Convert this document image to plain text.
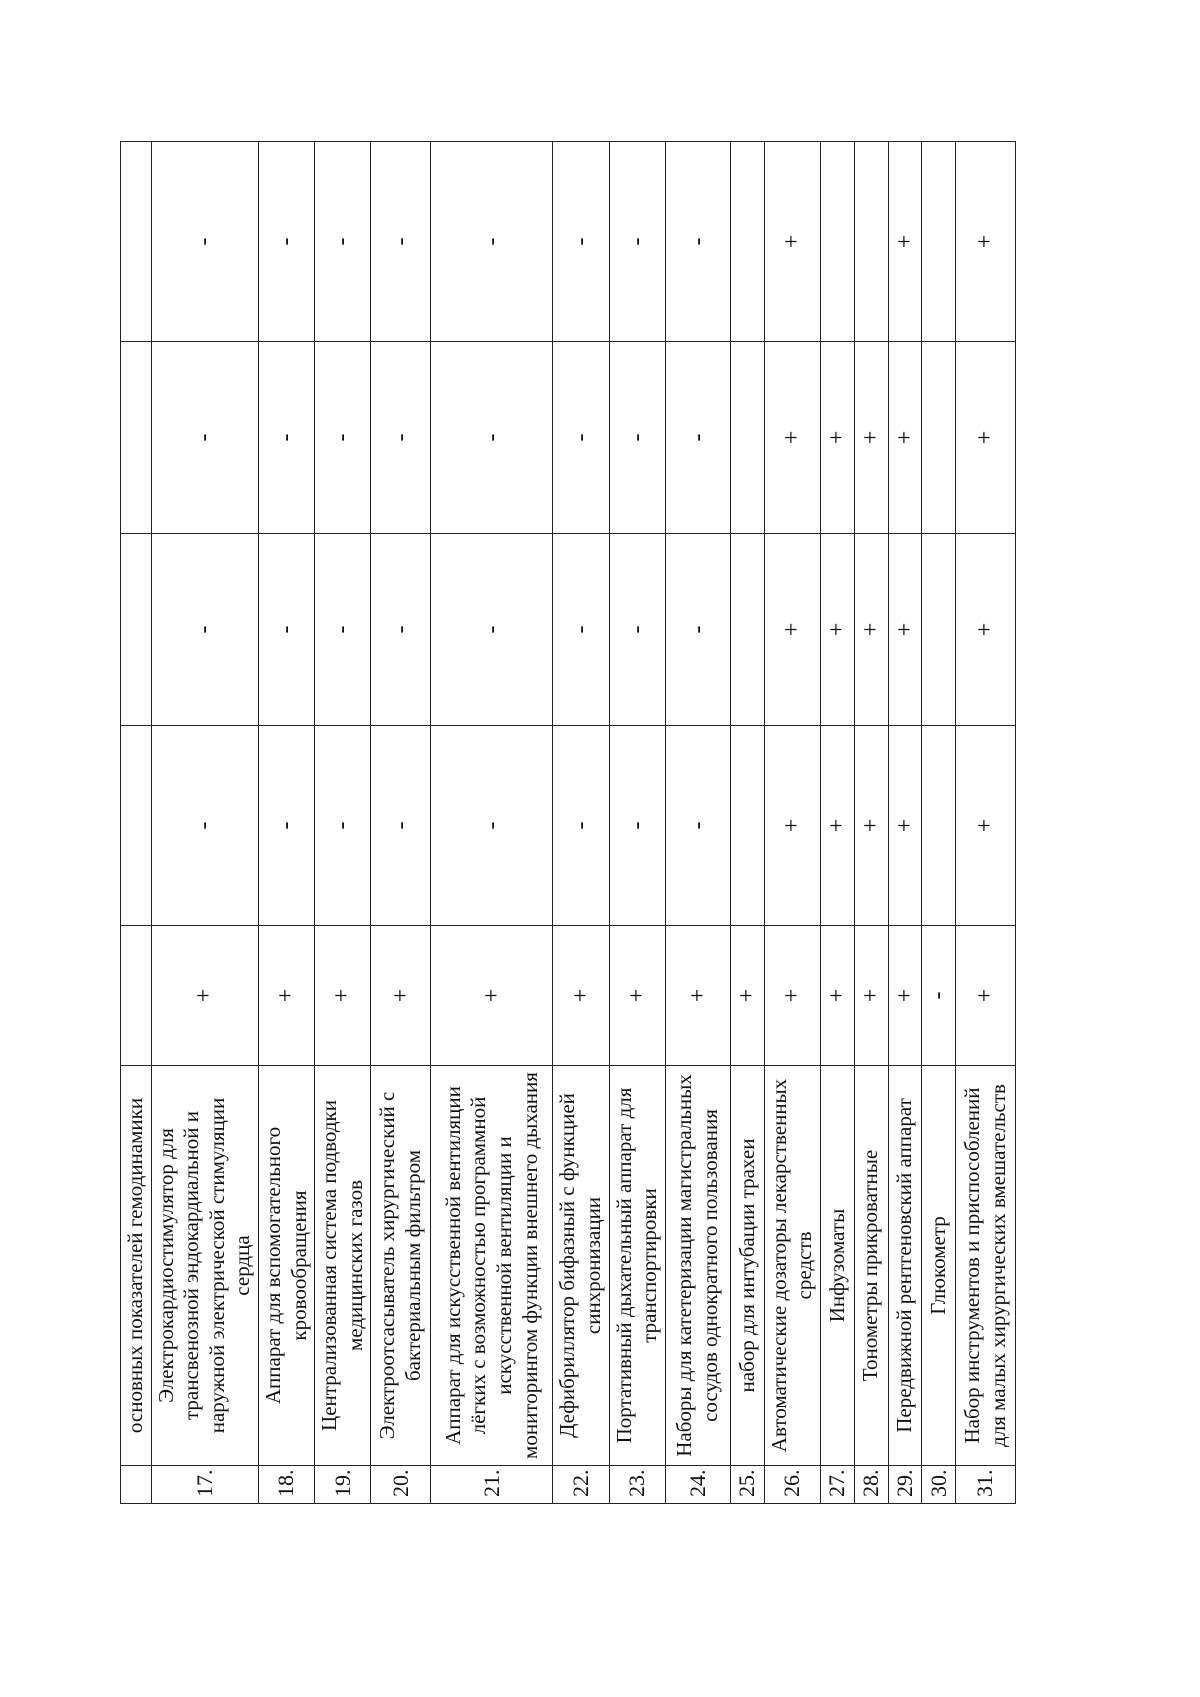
	основных показателей гемодинамики					
17.	Электрокардиостимулятор для трансвенозной эндокардиальной и наружной электрической стимуляции сердца	+	-	-	-	-
18.	Аппарат для вспомогательного кровообращения	+	-	-	-	-
19.	Централизованная система подводки медицинских газов	+	-	-	-	-
20.	Электроотсасыватель хирургический с бактериальным фильтром	+	-	-	-	-
21.	Аппарат для искусственной вентиляции лёгких с возможностью программной искусственной вентиляции и мониторингом функции внешнего дыхания	+	-	-	-	-
22.	Дефибриллятор бифазный с функцией синхронизации	+	-	-	-	-
23.	Портативный дыхательный аппарат для транспортировки	+	-	-	-	-
24.	Наборы для катетеризации магистральных сосудов однократного пользования	+	-	-	-	-
25.	набор для интубации трахеи	+				
26.	Автоматические дозаторы лекарственных средств	+	+	+	+	+
27.	Инфузоматы	+	+	+	+	
28.	Тонометры прикроватные	+	+	+	+	
29.	Передвижной рентгеновский аппарат	+	+	+	+	+
30.	Глюкометр	-				
31.	Набор инструментов и приспособлений для малых хирургических вмешательств	+	+	+	+	+
